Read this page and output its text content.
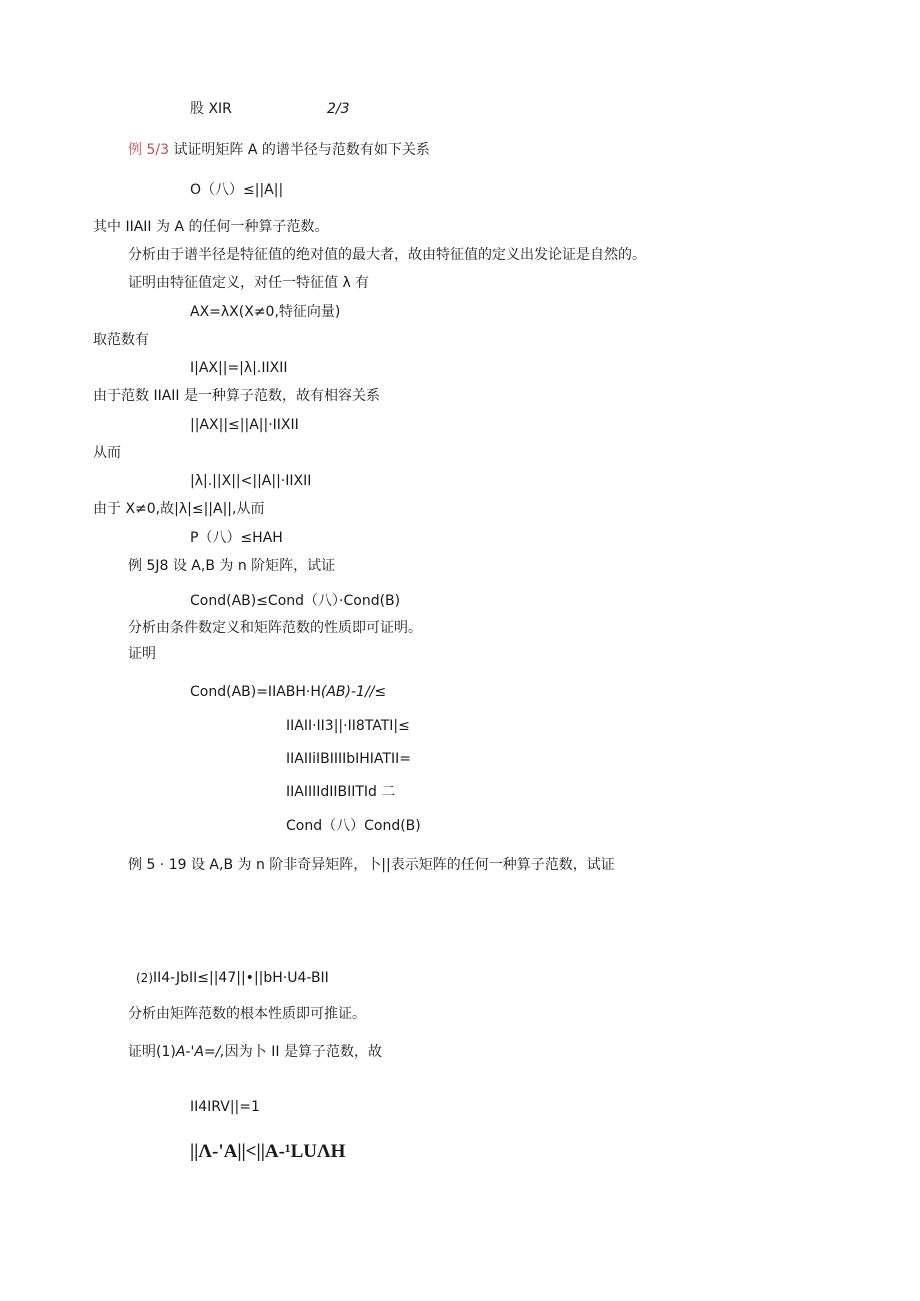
股 XIR	2/3
例 5/3 试证明矩阵 A 的谱半径与范数有如下关系
O（八）≤||A||
其中 IIAII 为 A 的任何一种算子范数。
分析由于谱半径是特征值的绝对值的最大者，故由特征值的定义出发论证是自然的。
证明由特征值定义，对任一特征值 λ 有
AX=λX(X≠0,特征向量)
取范数有
I|AX||=|λ|.IIXII
由于范数 IIAII 是一种算子范数，故有相容关系
||AX||≤||A||·IIXII
从而
|λ|.||X||<||A||·IIXII
由于 X≠0,故|λ|≤||A||,从而
P（八）≤HAH
例 5J8 设 A,B 为 n 阶矩阵，试证
Cond(AB)≤Cond（八）·Cond(B)
分析由条件数定义和矩阵范数的性质即可证明。
证明
Cond(AB)=IIABH·H(AB)-1//≤
IIAII·II3||·II8TATI|≤
IIAIIiIBIIIIbIHIATII=
IIAIIIIdIIBIITId 二
Cond（八）Cond(B)
例 5 · 19 设 A,B 为 n 阶非奇异矩阵，卜||表示矩阵的任何一种算子范数，试证
(2)II4-JbII≤||47||•||bH·U4-BII
分析由矩阵范数的根本性质即可推证。
证明(1)A-'A=/,因为卜 II 是算子范数，故
II4IRV||=1
||Λ-'A||<||A-¹LUΛH
